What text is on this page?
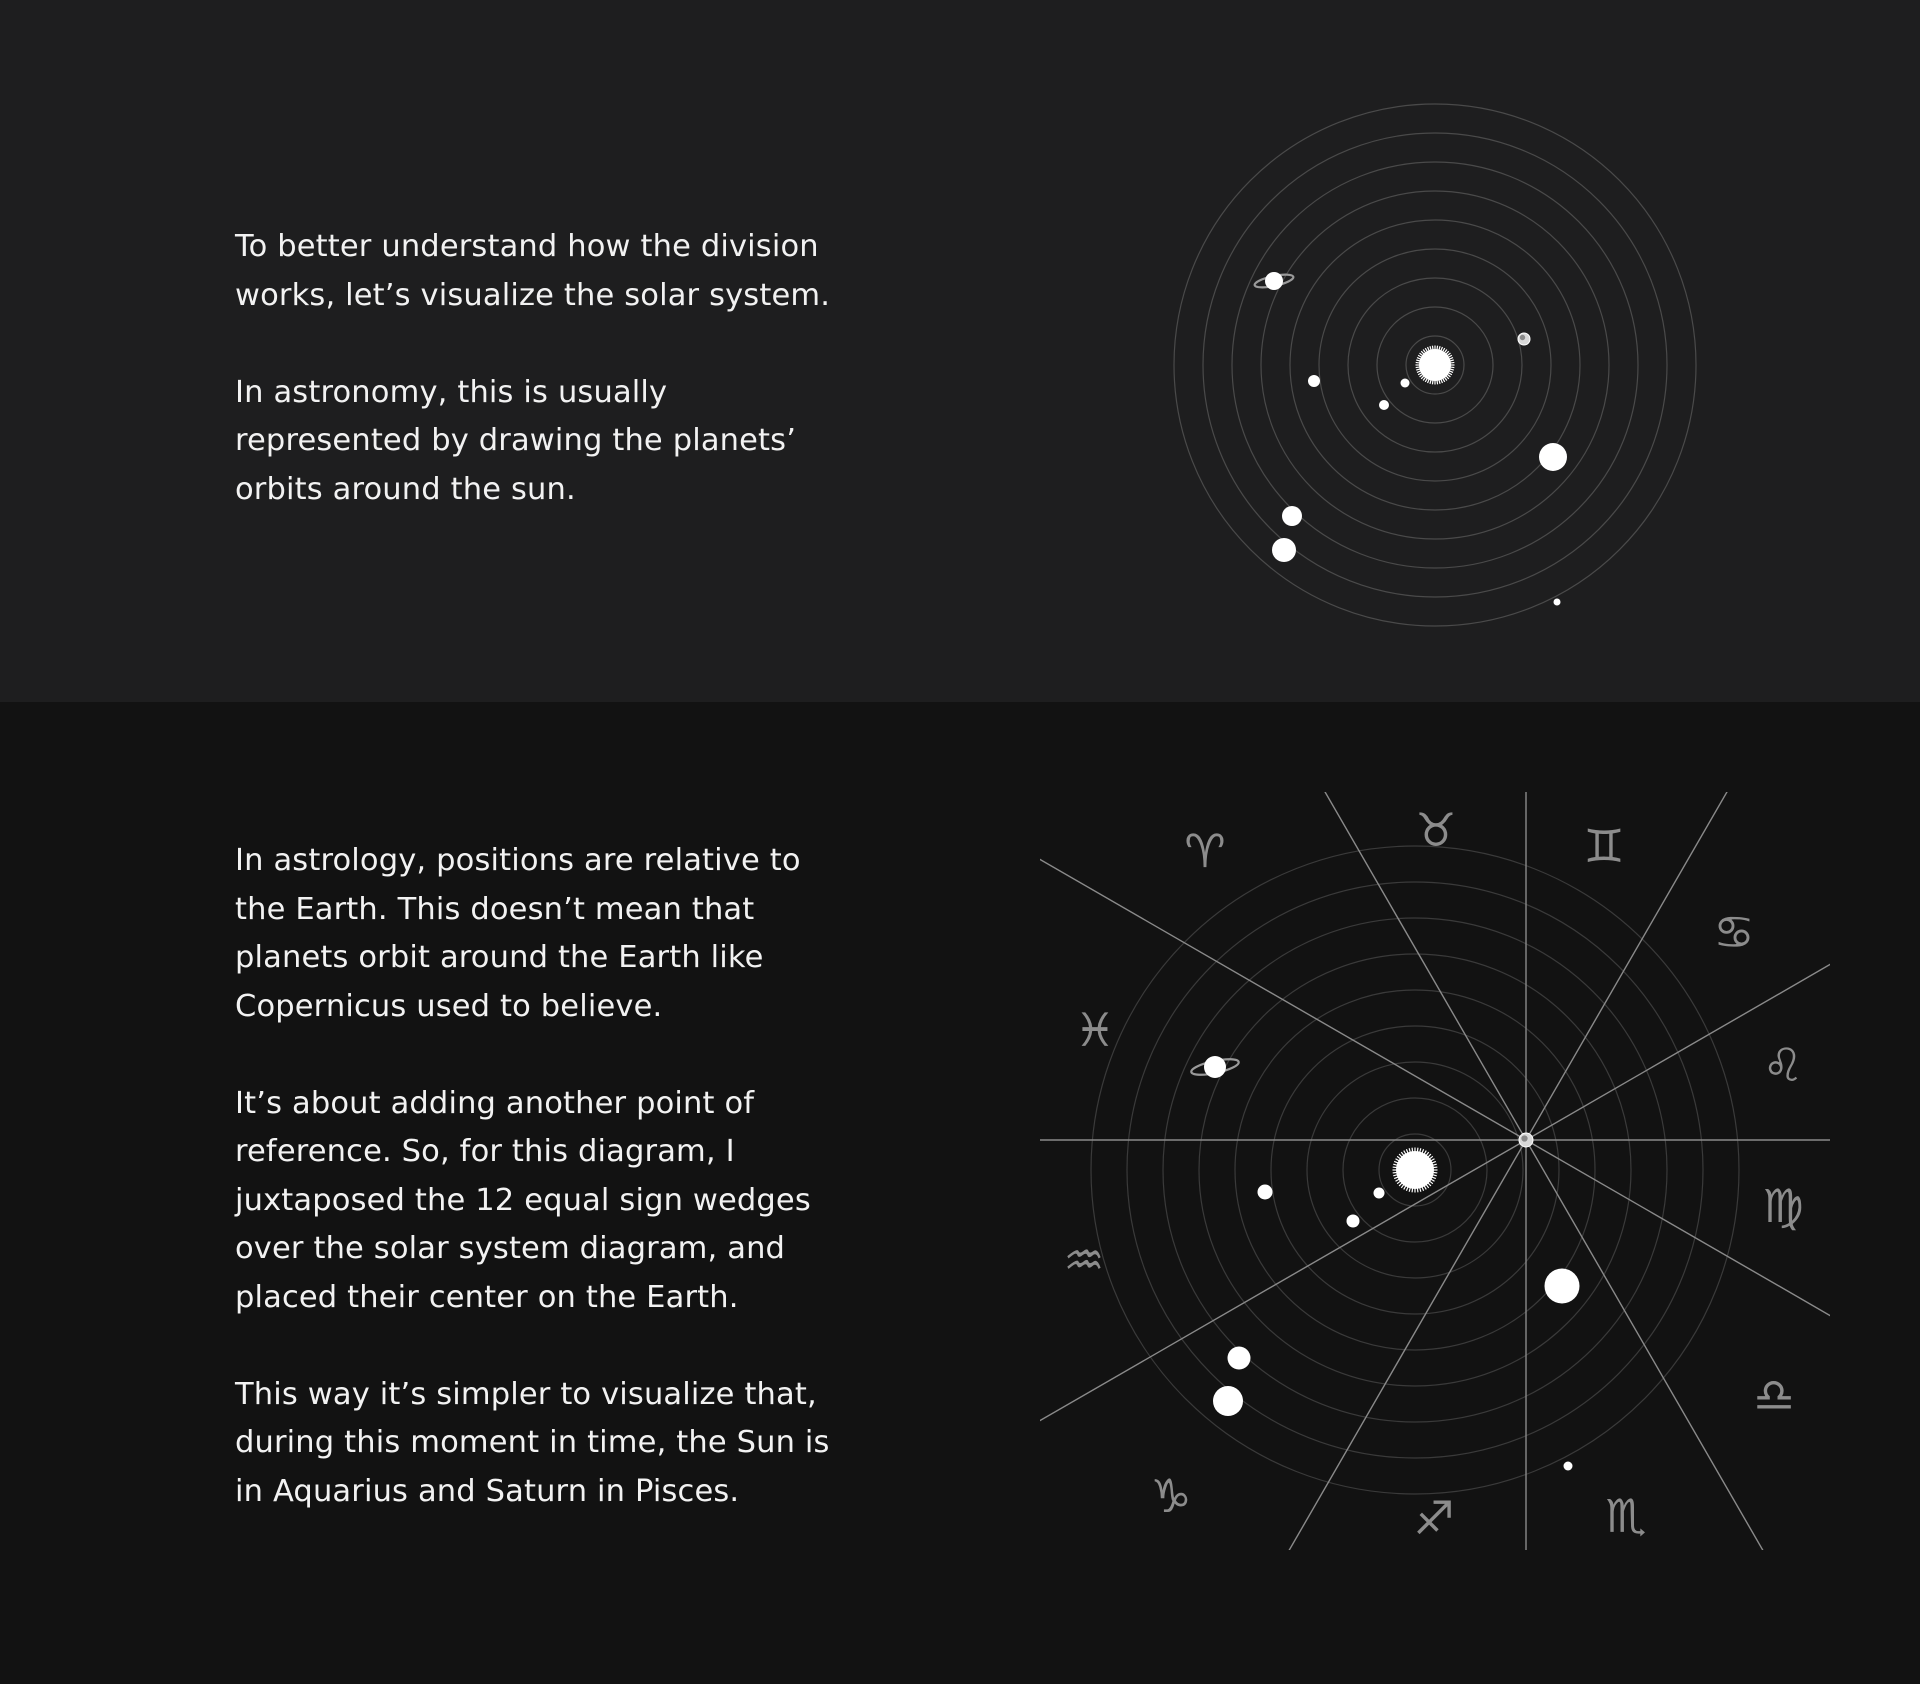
To better understand how the division works, let’s visualize the solar system.

In astronomy, this is usually represented by drawing the planets’ orbits around the sun.

In astrology, positions are relative to the Earth. This doesn’t mean that planets orbit around the Earth like Copernicus used to believe.

It’s about adding another point of reference. So, for this diagram, I juxtaposed the 12 equal sign wedges over the solar system diagram, and placed their center on the Earth.

This way it’s simpler to visualize that, during this moment in time, the Sun is in Aquarius and Saturn in Pisces.

♈	♉	♊
♋
♌
♍
♎
♏
♐
♑
♒
♓
